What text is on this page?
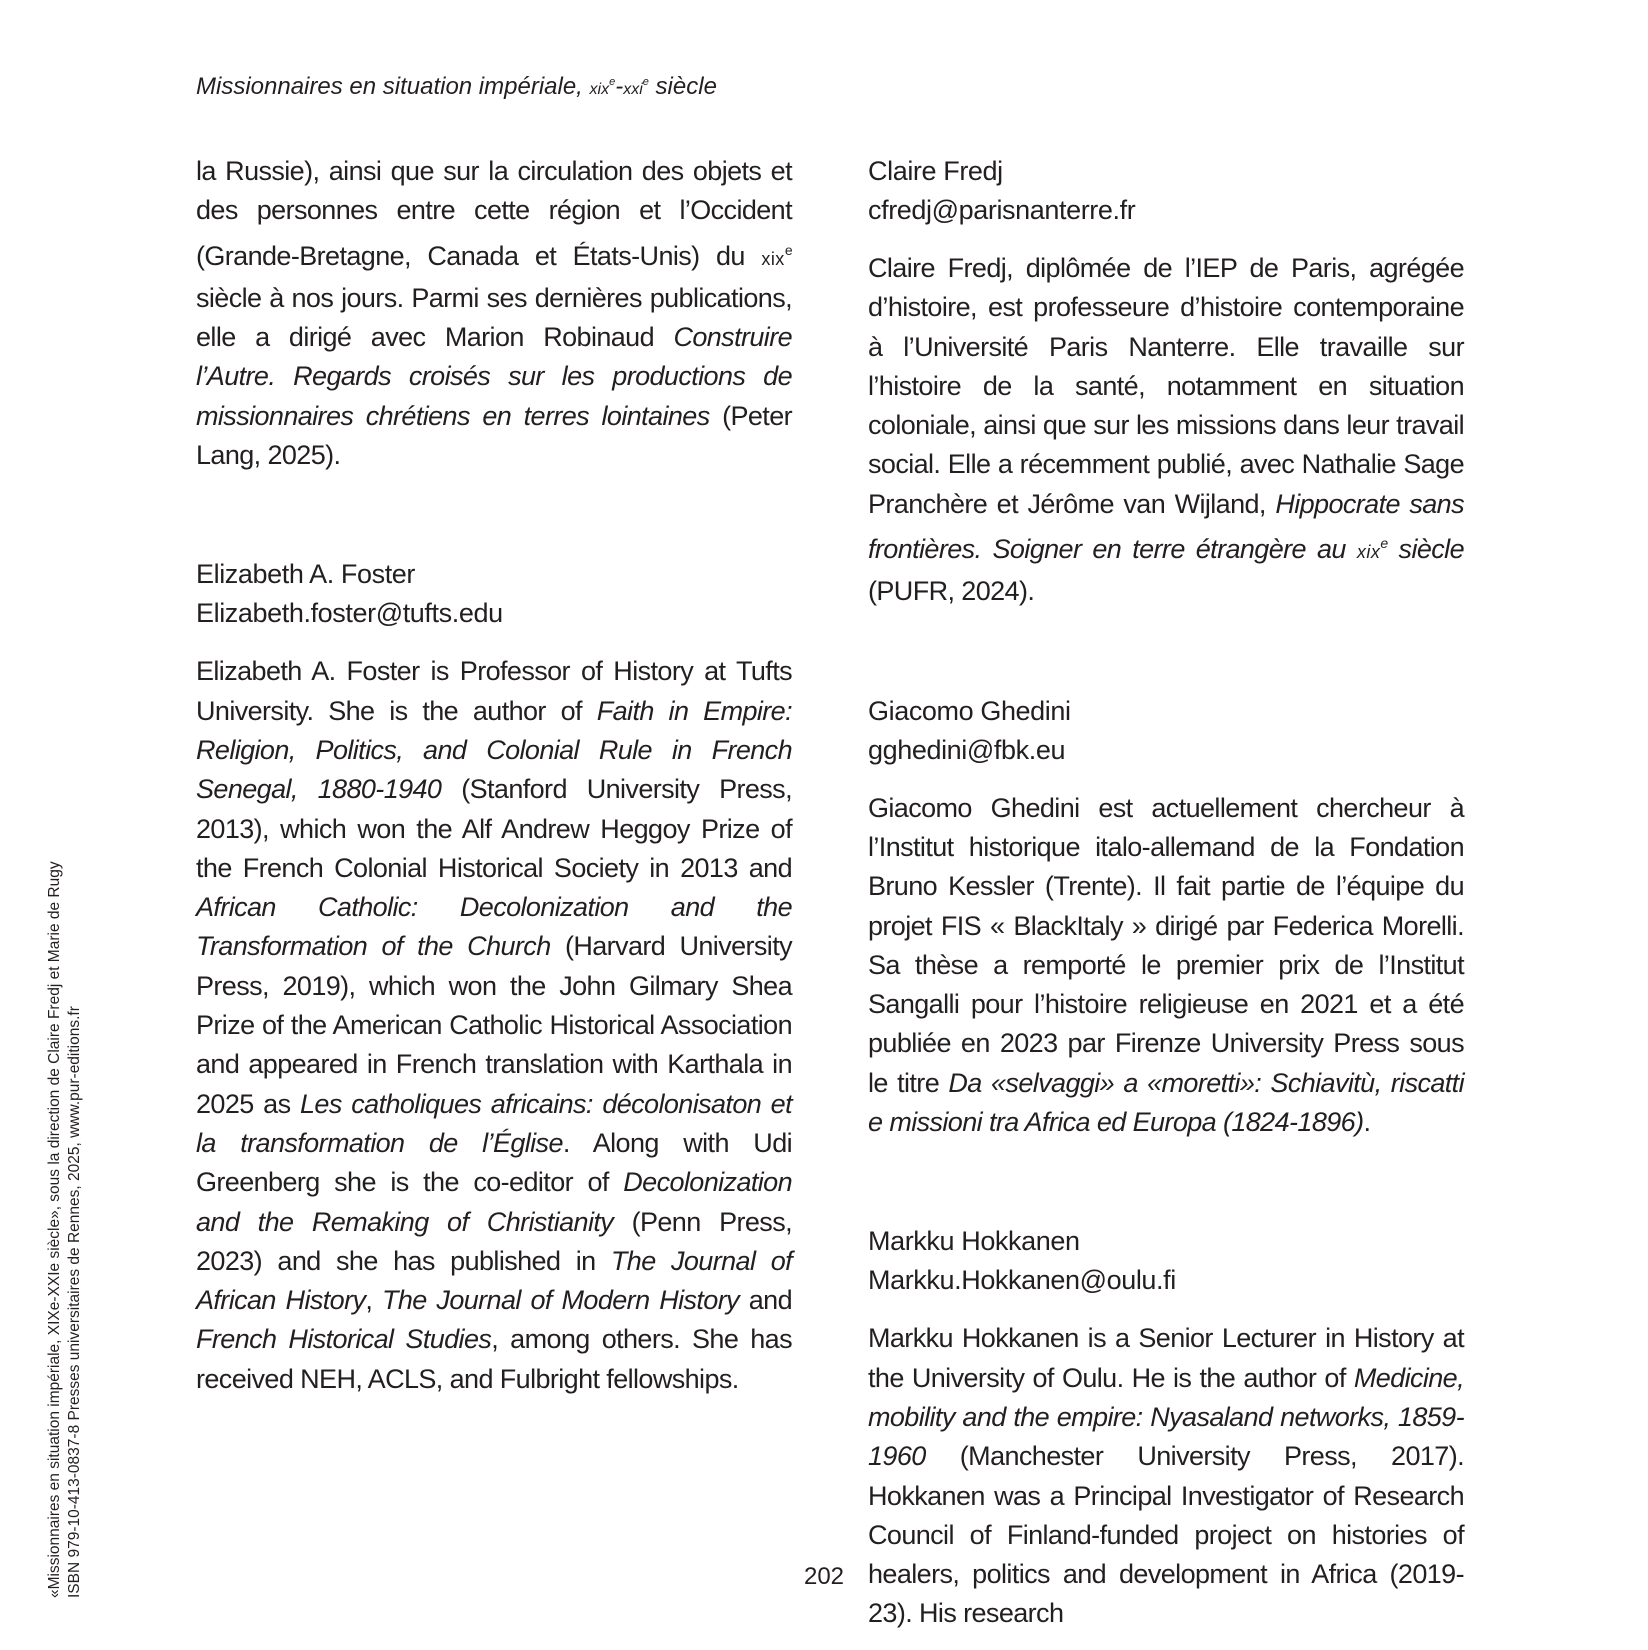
Missionnaires en situation impériale, xix$^e$-xxi$^e$ siècle

la Russie), ainsi que sur la circulation des objets et des personnes entre cette région et l’Occident (Grande-Bretagne, Canada et États-Unis) du xix$^e$ siècle à nos jours. Parmi ses dernières publications, elle a dirigé avec Marion Robinaud Construire l’Autre. Regards croisés sur les productions de missionnaires chrétiens en terres lointaines (Peter Lang, 2025).

Elizabeth A. Foster
Elizabeth.foster@tufts.edu

Elizabeth A. Foster is Professor of History at Tufts University. She is the author of Faith in Empire: Religion, Politics, and Colonial Rule in French Senegal, 1880-1940 (Stanford University Press, 2013), which won the Alf Andrew Heggoy Prize of the French Colonial Historical Society in 2013 and African Catholic: Decolonization and the Transformation of the Church (Harvard University Press, 2019), which won the John Gilmary Shea Prize of the American Catholic Historical Association and appeared in French translation with Karthala in 2025 as Les catholiques africains: décolonisaton et la transformation de l’Église. Along with Udi Greenberg she is the co-editor of Decolonization and the Remaking of Christianity (Penn Press, 2023) and she has published in The Journal of African History, The Journal of Modern History and French Historical Studies, among others. She has received NEH, ACLS, and Fulbright fellowships.

Claire Fredj
cfredj@parisnanterre.fr

Claire Fredj, diplômée de l’IEP de Paris, agrégée d’histoire, est professeure d’histoire contemporaine à l’Université Paris Nanterre. Elle travaille sur l’histoire de la santé, notamment en situation coloniale, ainsi que sur les missions dans leur travail social. Elle a récemment publié, avec Nathalie Sage Pranchère et Jérôme van Wijland, Hippocrate sans frontières. Soigner en terre étrangère au xix$^e$ siècle (PUFR, 2024).

Giacomo Ghedini
gghedini@fbk.eu

Giacomo Ghedini est actuellement chercheur à l’Institut historique italo-allemand de la Fondation Bruno Kessler (Trente). Il fait partie de l’équipe du projet FIS « BlackItaly » dirigé par Federica Morelli. Sa thèse a remporté le premier prix de l’Institut Sangalli pour l’histoire religieuse en 2021 et a été publiée en 2023 par Firenze University Press sous le titre Da «selvaggi» a «moretti»: Schiavitù, riscatti e missioni tra Africa ed Europa (1824-1896).

Markku Hokkanen
Markku.Hokkanen@oulu.fi

Markku Hokkanen is a Senior Lecturer in History at the University of Oulu. He is the author of Medicine, mobility and the empire: Nyasaland networks, 1859-1960 (Manchester University Press, 2017). Hokkanen was a Principal Investigator of Research Council of Finland-funded project on histories of healers, politics and development in Africa (2019-23). His research

«Missionnaires en situation impériale, XIXe-XXIe siècle», sous la direction de Claire Fredj et Marie de Rugy ISBN 979-10-413-0837-8 Presses universitaires de Rennes, 2025, www.pur-editions.fr	202
